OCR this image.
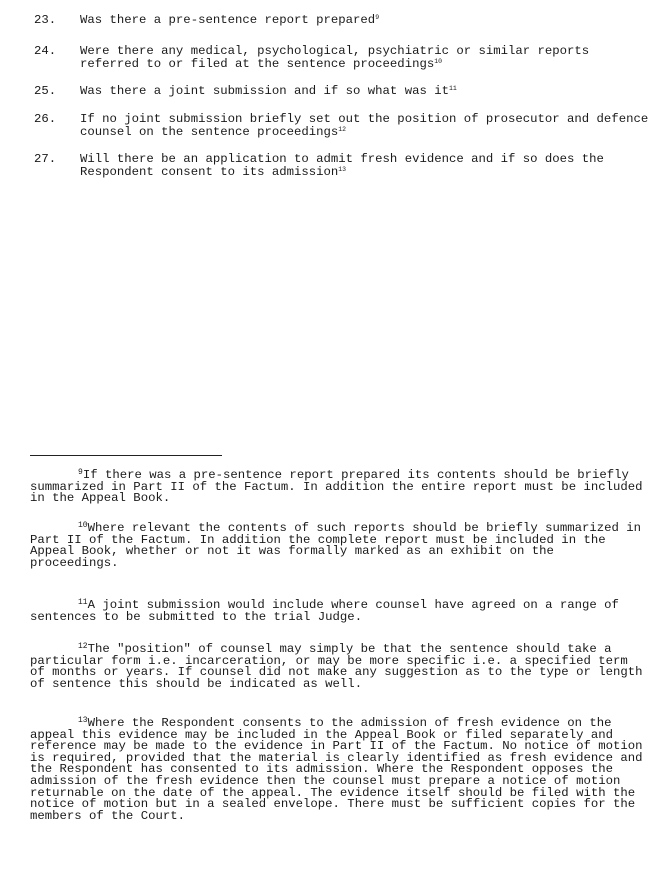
23. Was there a pre-sentence report prepared$^9$
24. Were there any medical, psychological, psychiatric or similar reports referred to or filed at the sentence proceedings$^{10}$
25. Was there a joint submission and if so what was $it^{11}$
26. If no joint submission briefly set out the position of prosecutor and defence counsel on the sentence proceedings$^{12}$
27. Will there be an application to admit fresh evidence and if so does the Respondent consent to its admission$^{13}$
$^9$If there was a pre-sentence report prepared its contents should be briefly summarized in Part II of the Factum. In addition the entire report must be included in the Appeal Book.
$^{10}$Where relevant the contents of such reports should be briefly summarized in Part II of the Factum. In addition the complete report must be included in the Appeal Book, whether or not it was formally marked as an exhibit on the proceedings.
$^{11}$A joint submission would include where counsel have agreed on a range of sentences to be submitted to the trial Judge.
$^{12}$The "position" of counsel may simply be that the sentence should take a particular form i.e. incarceration, or may be more specific i.e. a specified term of months or years. If counsel did not make any suggestion as to the type or length of sentence this should be indicated as well.
$^{13}$Where the Respondent consents to the admission of fresh evidence on the appeal this evidence may be included in the Appeal Book or filed separately and reference may be made to the evidence in Part II of the Factum. No notice of motion is required, provided that the material is clearly identified as fresh evidence and the Respondent has consented to its admission. Where the Respondent opposes the admission of the fresh evidence then the counsel must prepare a notice of motion returnable on the date of the appeal. The evidence itself should be filed with the notice of motion but in a sealed envelope. There must be sufficient copies for the members of the Court.
